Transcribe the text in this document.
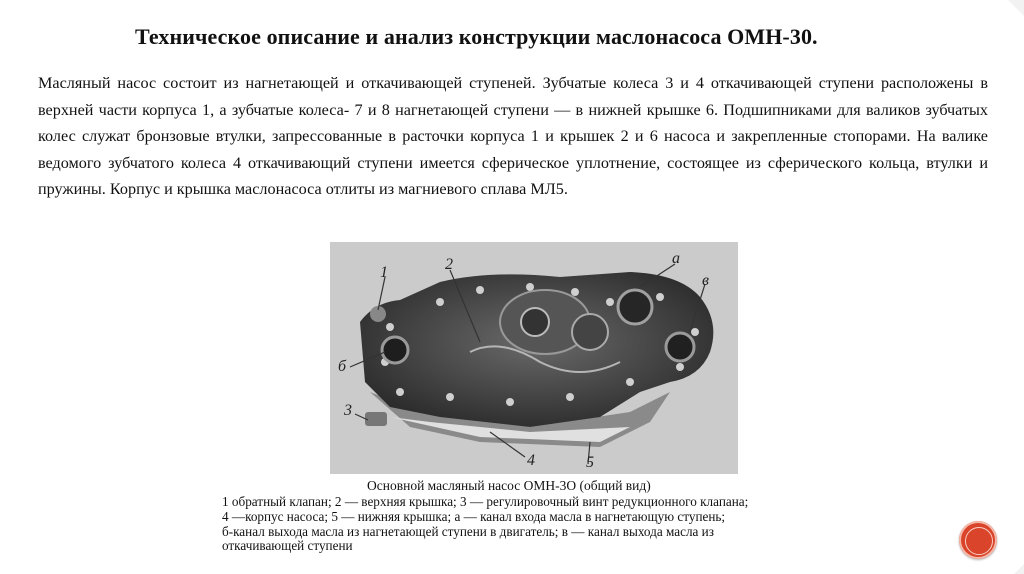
Техническое описание и анализ конструкции маслонасоса ОМН-30.
Масляный насос состоит из нагнетающей и откачивающей ступеней. Зубчатые колеса 3 и 4 откачивающей ступени расположены в верхней части корпуса 1, а зубчатые колеса- 7 и 8 нагнетающей ступени — в нижней крышке 6. Подшипниками для валиков зубчатых колес служат бронзовые втулки, запрессованные в расточки корпуса 1 и крышек 2 и 6 насоса и закрепленные стопорами. На валике ведомого зубчатого колеса 4 откачивающий ступени имеется сферическое уплотнение, состоящее из сферического кольца, втулки и пружины. Корпус и крышка маслонасоса отлиты из магниевого сплава МЛ5.
1	2	а
в
б
3
4	5
Основной масляный насос ОМН-3О (общий вид)
1 обратный клапан; 2 — верхняя крышка; 3 — регулировочный винт редукционного клапана;
4 —корпус насоса; 5 — нижняя крышка; а — канал входа масла в нагнетающую ступень;
б-канал выхода масла из нагнетающей ступени в двигатель; в — канал выхода масла из
откачивающей ступени
